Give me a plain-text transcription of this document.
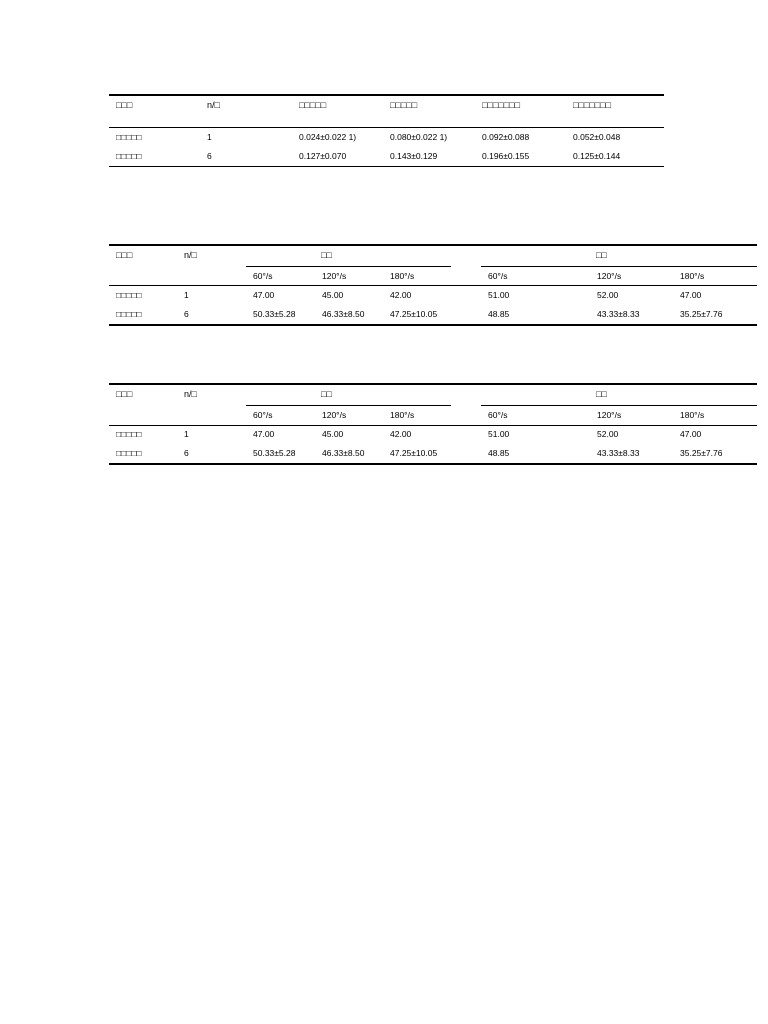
□□□	n/□	□□□□□	□□□□□	□□□□□□□	□□□□□□□
□□□□□	1	0.024±0.022 1)	0.080±0.022 1)	0.092±0.088	0.052±0.048
□□□□□	6	0.127±0.070	0.143±0.129	0.196±0.155	0.125±0.144
□□□	n/□	□□	□□
60°/s	120°/s	180°/s	60°/s	120°/s	180°/s
□□□□□	1	47.00	45.00	42.00	51.00	52.00	47.00
□□□□□	6	50.33±5.28	46.33±8.50	47.25±10.05	48.85	43.33±8.33	35.25±7.76
□□□	n/□	□□	□□
60°/s	120°/s	180°/s	60°/s	120°/s	180°/s
□□□□□	1	47.00	45.00	42.00	51.00	52.00	47.00
□□□□□	6	50.33±5.28	46.33±8.50	47.25±10.05	48.85	43.33±8.33	35.25±7.76
